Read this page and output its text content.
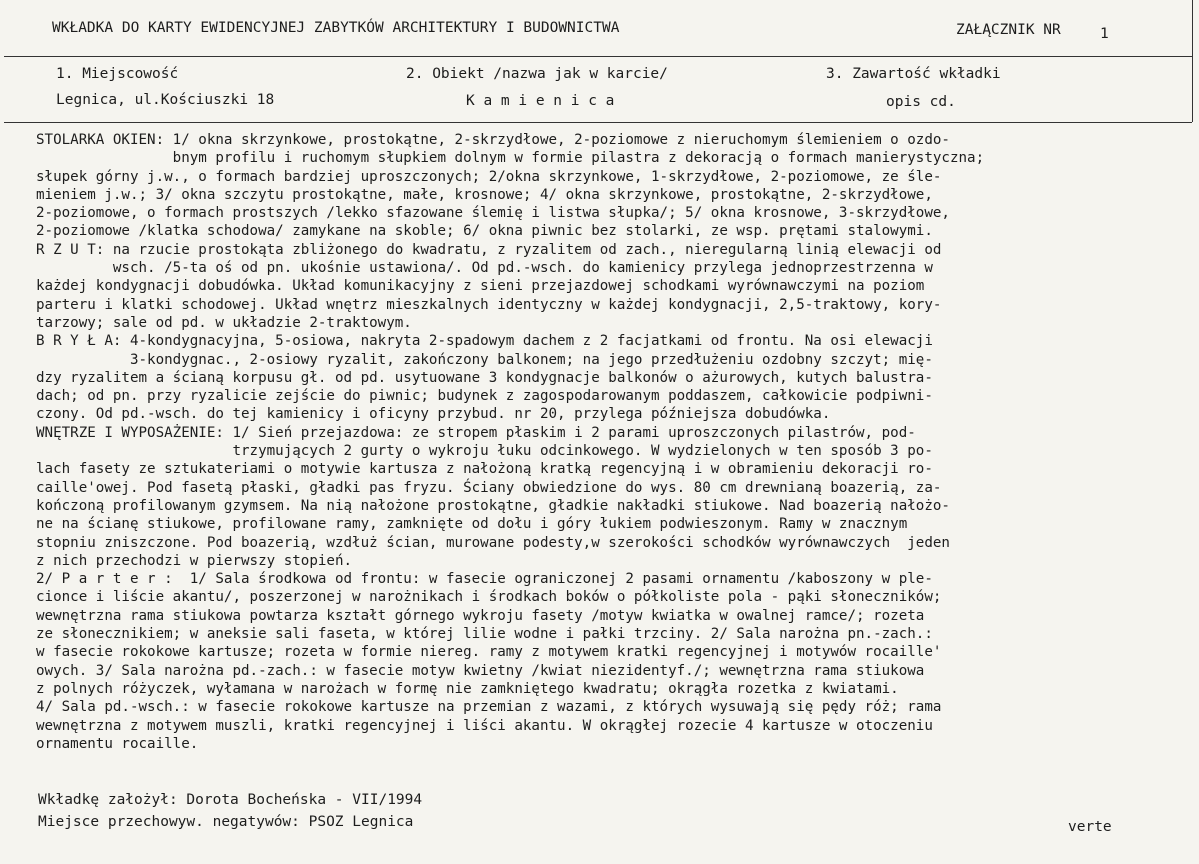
WKŁADKA DO KARTY EWIDENCYJNEJ ZABYTKÓW ARCHITEKTURY I BUDOWNICTWA	ZAŁĄCZNIK NR	1
1. Miejscowość
Legnica, ul.Kościuszki 18
2. Obiekt /nazwa jak w karcie/
K a m i e n i c a
3. Zawartość wkładki
opis cd.

STOLARKA OKIEN: 1/ okna skrzynkowe, prostokątne, 2-skrzydłowe, 2-poziomowe z nieruchomym ślemieniem o ozdo-

bnym profilu i ruchomym słupkiem dolnym w formie pilastra z dekoracją o formach manierystyczna;

słupek górny j.w., o formach bardziej uproszczonych; 2/okna skrzynkowe, 1-skrzydłowe, 2-poziomowe, ze śle-

mieniem j.w.; 3/ okna szczytu prostokątne, małe, krosnowe; 4/ okna skrzynkowe, prostokątne, 2-skrzydłowe,

2-poziomowe, o formach prostszych /lekko sfazowane ślemię i listwa słupka/; 5/ okna krosnowe, 3-skrzydłowe,

2-poziomowe /klatka schodowa/ zamykane na skoble; 6/ okna piwnic bez stolarki, ze wsp. prętami stalowymi.

R Z U T: na rzucie prostokąta zbliżonego do kwadratu, z ryzalitem od zach., nieregularną linią elewacji od

wsch. /5-ta oś od pn. ukośnie ustawiona/. Od pd.-wsch. do kamienicy przylega jednoprzestrzenna w

każdej kondygnacji dobudówka. Układ komunikacyjny z sieni przejazdowej schodkami wyrównawczymi na poziom

parteru i klatki schodowej. Układ wnętrz mieszkalnych identyczny w każdej kondygnacji, 2,5-traktowy, kory-

tarzowy; sale od pd. w układzie 2-traktowym.

B R Y Ł A: 4-kondygnacyjna, 5-osiowa, nakryta 2-spadowym dachem z 2 facjatkami od frontu. Na osi elewacji

3-kondygnac., 2-osiowy ryzalit, zakończony balkonem; na jego przedłużeniu ozdobny szczyt; mię-

dzy ryzalitem a ścianą korpusu gł. od pd. usytuowane 3 kondygnacje balkonów o ażurowych, kutych balustra-

dach; od pn. przy ryzalicie zejście do piwnic; budynek z zagospodarowanym poddaszem, całkowicie podpiwni-

czony. Od pd.-wsch. do tej kamienicy i oficyny przybud. nr 20, przylega późniejsza dobudówka.

WNĘTRZE I WYPOSAŻENIE: 1/ Sień przejazdowa: ze stropem płaskim i 2 parami uproszczonych pilastrów, pod-

trzymujących 2 gurty o wykroju łuku odcinkowego. W wydzielonych w ten sposób 3 po-

lach fasety ze sztukateriami o motywie kartusza z nałożoną kratką regencyjną i w obramieniu dekoracji ro-

caille'owej. Pod fasetą płaski, gładki pas fryzu. Ściany obwiedzione do wys. 80 cm drewnianą boazerią, za-

kończoną profilowanym gzymsem. Na nią nałożone prostokątne, gładkie nakładki stiukowe. Nad boazerią nałożo-

ne na ścianę stiukowe, profilowane ramy, zamknięte od dołu i góry łukiem podwieszonym. Ramy w znacznym

stopniu zniszczone. Pod boazerią, wzdłuż ścian, murowane podesty,w szerokości schodków wyrównawczych  jeden

z nich przechodzi w pierwszy stopień.

2/ P a r t e r :  1/ Sala środkowa od frontu: w fasecie ograniczonej 2 pasami ornamentu /kaboszony w ple-

cionce i liście akantu/, poszerzonej w narożnikach i środkach boków o półkoliste pola - pąki słoneczników;

wewnętrzna rama stiukowa powtarza kształt górnego wykroju fasety /motyw kwiatka w owalnej ramce/; rozeta

ze słonecznikiem; w aneksie sali faseta, w której lilie wodne i pałki trzciny. 2/ Sala narożna pn.-zach.:

w fasecie rokokowe kartusze; rozeta w formie niereg. ramy z motywem kratki regencyjnej i motywów rocaille'

owych. 3/ Sala narożna pd.-zach.: w fasecie motyw kwietny /kwiat niezidentyf./; wewnętrzna rama stiukowa

z polnych różyczek, wyłamana w narożach w formę nie zamkniętego kwadratu; okrągła rozetka z kwiatami.

4/ Sala pd.-wsch.: w fasecie rokokowe kartusze na przemian z wazami, z których wysuwają się pędy róż; rama

wewnętrzna z motywem muszli, kratki regencyjnej i liści akantu. W okrągłej rozecie 4 kartusze w otoczeniu

ornamentu rocaille.

Wkładkę założył: Dorota Bocheńska - VII/1994
Miejsce przechowyw. negatywów: PSOZ Legnica	verte
